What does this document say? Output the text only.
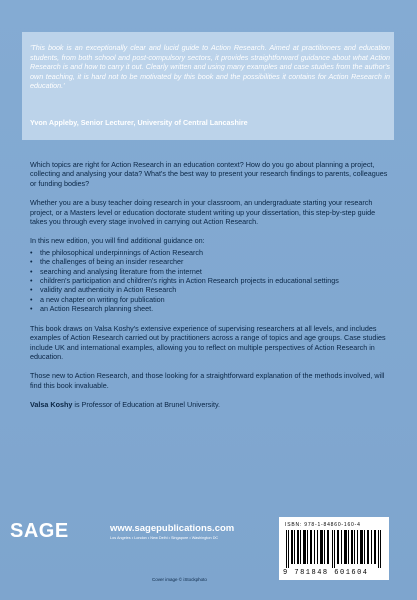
'This book is an exceptionally clear and lucid guide to Action Research. Aimed at practitioners and education students, from both school and post-compulsory sectors, it provides straightforward guidance about what Action Research is and how to carry it out. Clearly written and using many examples and case studies from the author's own teaching, it is hard not to be motivated by this book and the possibilities it contains for Action Research in education.'
Yvon Appleby, Senior Lecturer, University of Central Lancashire

Which topics are right for Action Research in an education context? How do you go about planning a project, collecting and analysing your data? What's the best way to present your research findings to parents, colleagues or funding bodies?

Whether you are a busy teacher doing research in your classroom, an undergraduate starting your research project, or a Masters level or education doctorate student writing up your dissertation, this step-by-step guide takes you through every stage involved in carrying out Action Research.

In this new edition, you will find additional guidance on:

• the philosophical underpinnings of Action Research
• the challenges of being an insider researcher
• searching and analysing literature from the internet
• children's participation and children's rights in Action Research projects in educational settings
• validity and authenticity in Action Research
• a new chapter on writing for publication
• an Action Research planning sheet.

This book draws on Valsa Koshy's extensive experience of supervising researchers at all levels, and includes examples of Action Research carried out by practitioners across a range of topics and age groups. Case studies include UK and international examples, allowing you to reflect on multiple perspectives of Action Research in education.

Those new to Action Research, and those looking for a straightforward explanation of the methods involved, will find this book invaluable.

Valsa Koshy is Professor of Education at Brunel University.

SAGE	www.sagepublications.com
Los Angeles • London • New Delhi • Singapore • Washington DC
Cover image © iStockphoto
ISBN: 978-1-84860-160-4
9 781848 601604
